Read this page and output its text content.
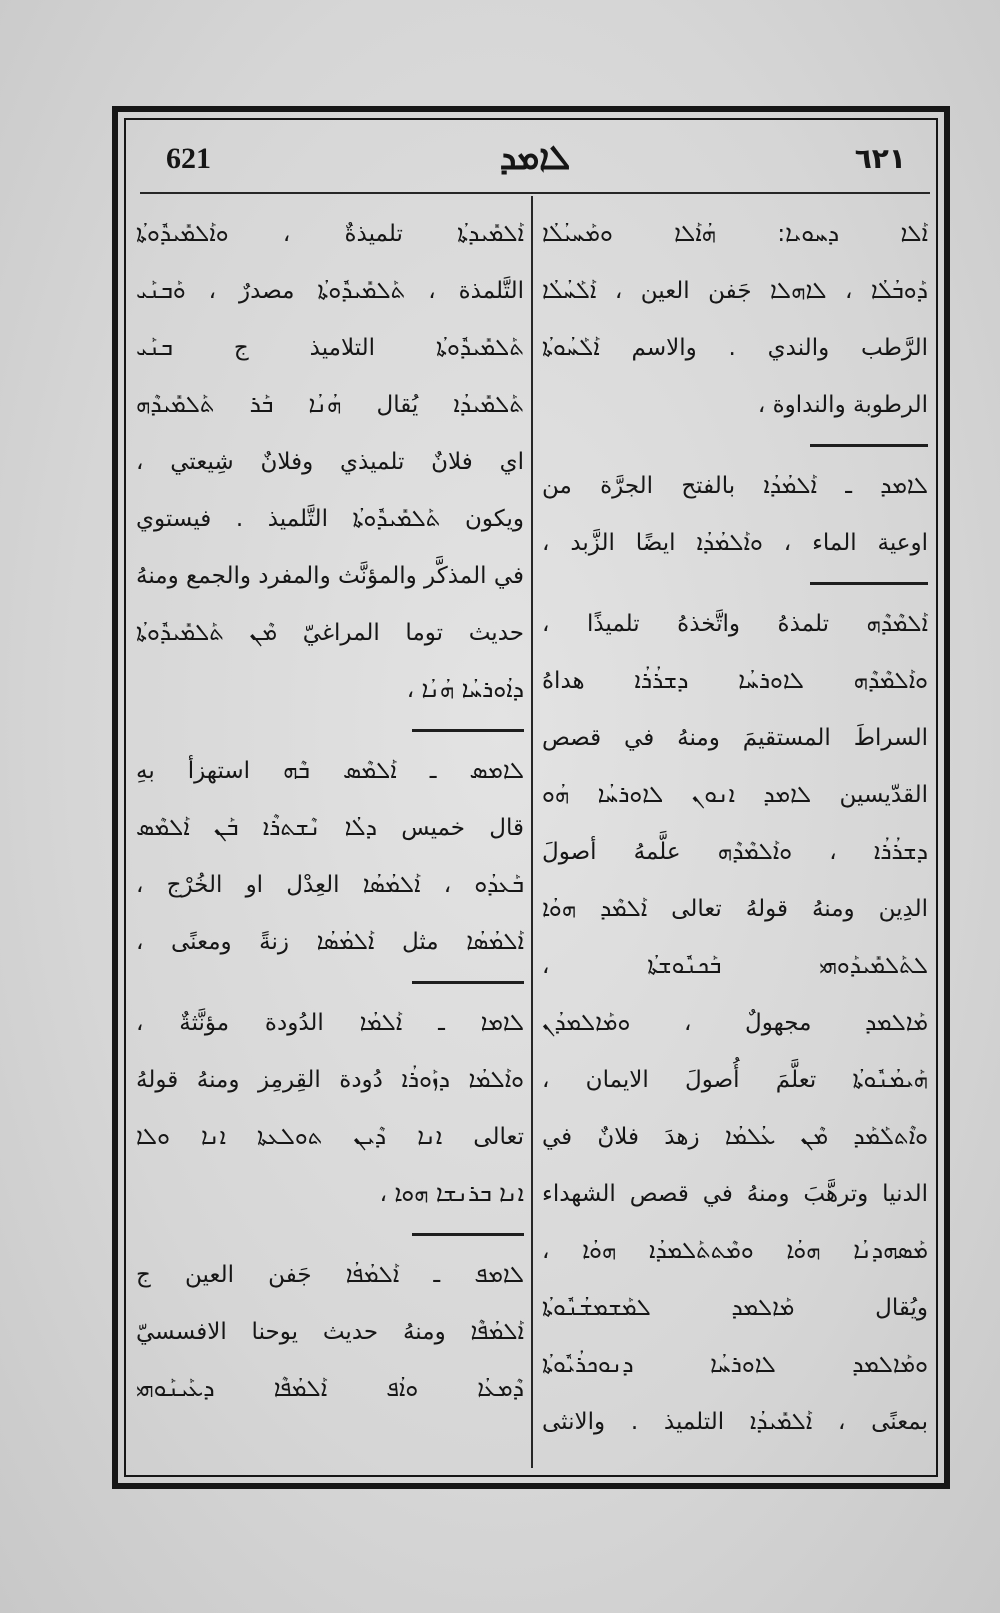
621	ܠܐܡܕ	٦٢١
ܐܰܠܐ ܕܚܘܝܐ: ܗܳܐܰܠܐ ܘܡܰܚܝܳܠܳܐ
ܕܰܘܒܳܠܳܐ ، ܠܐܗܠܐ جَفن العين ، ܐܰܠܰܚܳܠܳܐ
الرَّطب والندي . والاسم ܐܰܠܰܚܳܘܬܳܐ
الرطوبة والنداوة ،
ܠܐܡܕ ـ ܐܰܠܡܳܕܳܐ بالفتح الجرَّة من
اوعية الماء ، ܘܐܰܠܡܳܕܳܐ ايضًا الزَّبد ،
ܐܰܠܡܶܕܶܗ تلمذهُ واتَّخذهُ تلميذًا ،
ܘܐܰܠܡܶܕܶܗ ܠܐܘܪܚܳܐ ܕܫܪܳܪܳܐ هداهُ
السراطَ المستقيمَ ومنهُ في قصص
القدّيسين ܠܐܡܕ ܐܢܘܢ ܠܐܘܪܚܳܐ ܗܳܘ
ܕܫܪܳܪܳܐ ، ܘܐܰܠܡܶܕܶܗ علَّمهُ أصولَ
الدِين ومنهُ قولهُ تعالى ܐܰܠܡܶܕ ܗܘܳܐ
ܠܬܰܠܡܺܝܕܰܘܗܝ ܒܰܟܢܽܘܫܬܳܐ ،
ܡܰܐܠܡܕ مجهولٌ ، ܘܡܰܐܠܡܕܳܢ
ܗܰܝܡܳܢܽܘܬܳܐ تعلَّمَ أُصولَ الايمان ،
ܘܐܶܬܠܰܡܰܕ ܡܶܢ ܥܳܠܡܳܐ زهدَ فلانٌ في
الدنيا وترهَّبَ ومنهُ في قصص الشهداء
ܡܰܣܗܕܢܳܐ ܗܘܳܐ ܘܡܶܬܬܰܠܡܕܳܐ ܗܘܳܐ ،
ويُقال ܡܰܐܠܡܕ ܠܡܰܫܡܫܳܢܽܘܬܳܐ
ܘܡܰܐܠܡܕ ܠܐܘܪܚܳܐ ܕܢܘܟܪܳܝܽܘܬܳܐ
بمعنًى ، ܐܰܠܡܺܝܕܳܐ التلميذ . والانثى
ܐܰܠܡܺܝܕܬܳܐ تلميذةٌ ، ܘܐܰܠܡܺܝܕܽܘܬܳܐ
التَّلمذة ، ܬܰܠܡܺܝܕܽܘܬܳܐ مصدرٌ ، ܘܰܒܢܰܝ
ܬܰܠܡܺܝܕܽܘܬܳܐ التلاميذ ج ܒܢܰܝ
ܬܰܠܡܺܝܕܳܐ يُقال ܗܳܢܳܐ ܒܰܪ ܬܰܠܡܺܝܕܶܗ
اي فلانٌ تلميذي وفلانٌ شِيعتي ،
ويكون ܬܰܠܡܺܝܕܽܘܬܳܐ التَّلميذ . فيستوي
في المذكَّر والمؤنَّث والمفرد والجمع ومنهُ
حديث توما المراغيّ ܡܶܢ ܬܰܠܡܺܝܕܽܘܬܳܐ
ܕܐܳܘܪܚܳܐ ܗܳܢܳܐ ،
ܠܐܡܣ ـ ܐܰܠܡܶܣ ܒܶܗ استهزأ بهِ
قال خميس ܕܠܳܐ ܢܶܫܬܪܶܐ ܒܰܢ ܐܰܠܡܶܣ
ܒܰܥܕܳܘ ، ܐܰܠܡܳܣܳܐ العِدْل او الخُرْج ،
ܐܰܠܡܳܣܳܐ مثل ܐܰܠܡܳܣܳܐ زنةً ومعنًى ،
ܠܐܡܐ ـ ܐܰܠܡܳܐ الدُودة مؤنَّثةٌ ،
ܘܐܰܠܡܳܐ ܕܙܰܘܪܳܐ دُودة القِرمِز ومنهُ قولهُ
تعالى ܐܢܐ ܕܶܝܢ ܬܘܠܥܬܐ ܐܢܐ ܘܠܐ
ܐܢܐ ܒܪܢܫܐ ܗܘܐ ،
ܠܐܡܦ ـ ܐܰܠܡܳܦܳܐ جَفن العين ج
ܐܰܠܡܳܦܶܐ ومنهُ حديث يوحنا الافسسيّ
ܕܶܡܥܳܐ ܘܐܳܦ ܐܰܠܡܳܦܶܐ ܕܥܰܝܢܰܘܗܝ
